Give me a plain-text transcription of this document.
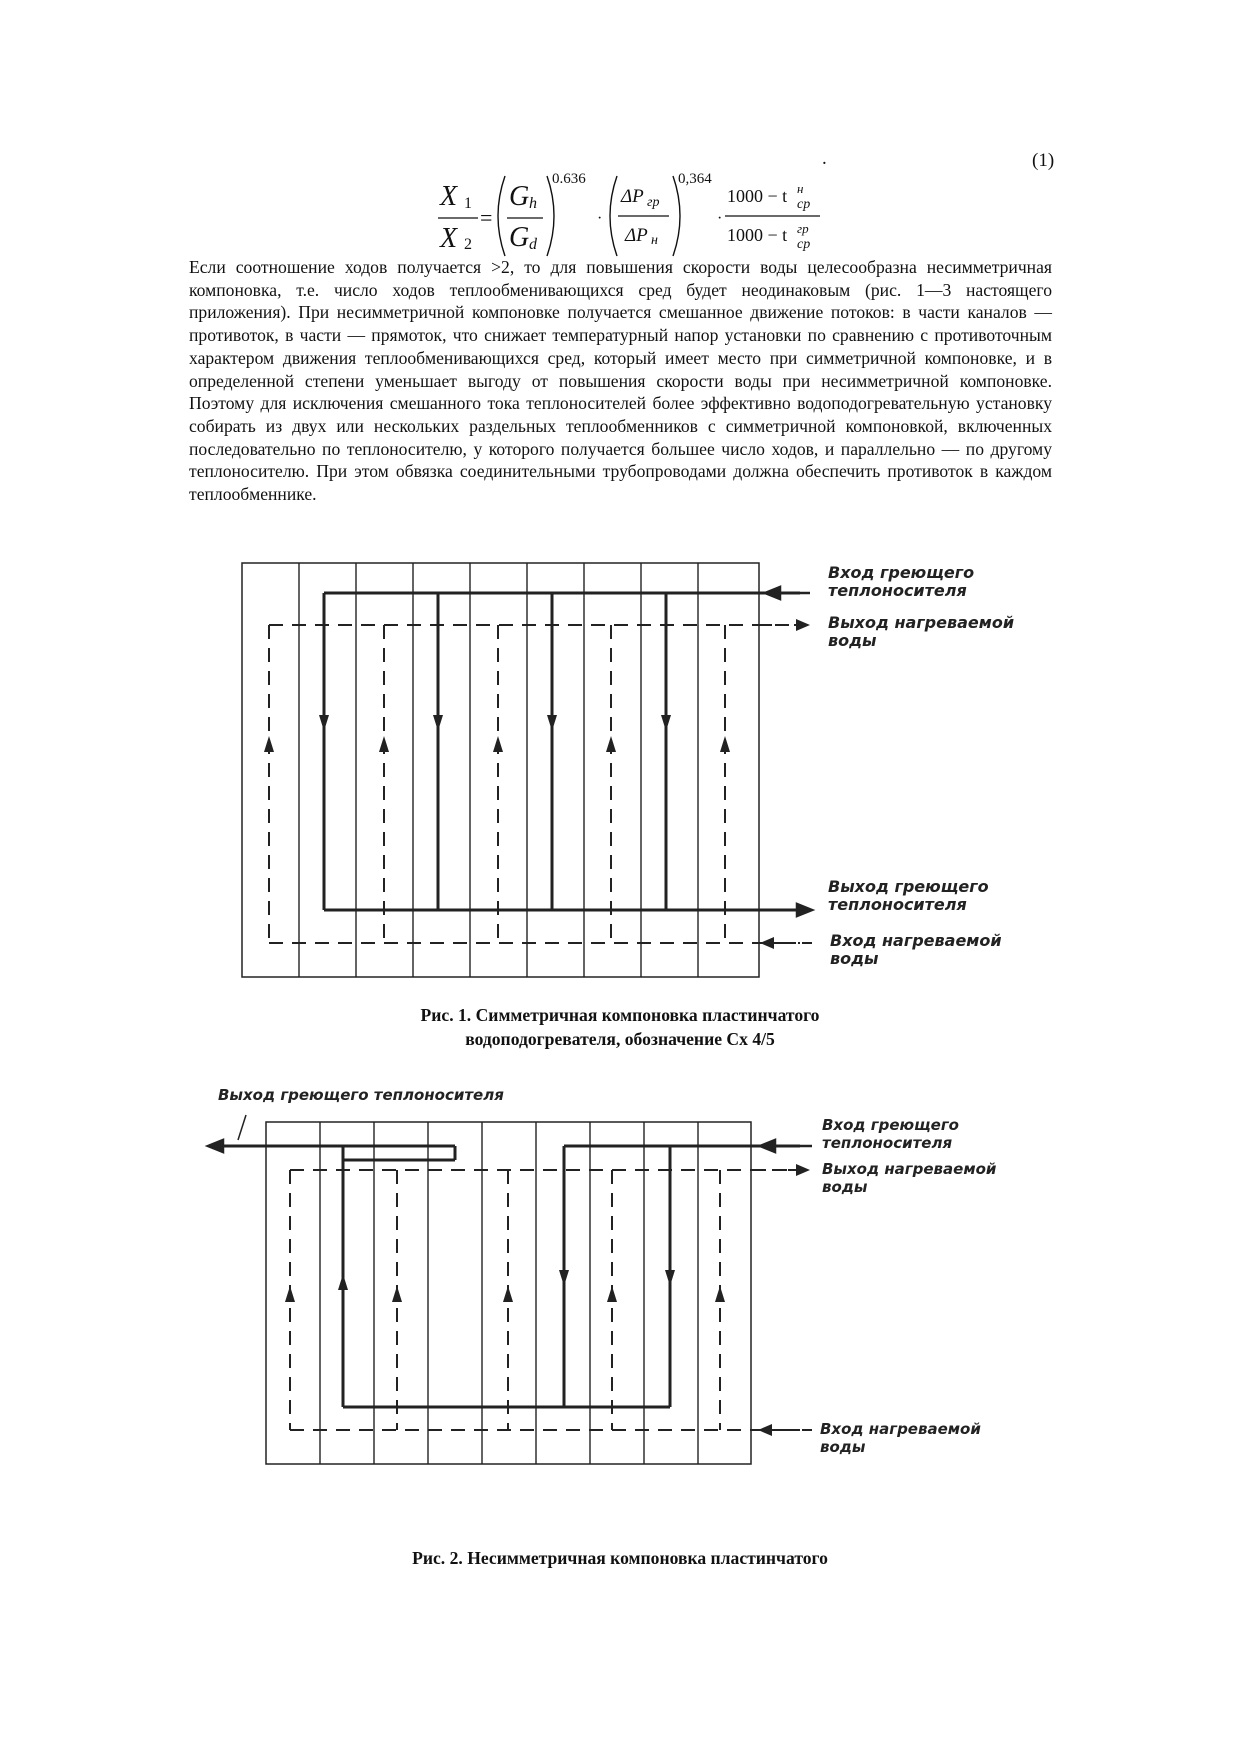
.	(1)
X 1
X 2
=
G h
G d
0.636
·
ΔP гр
ΔP н
0,364
·
1000 − t н
ср
1000 − t гр
ср

Если соотношение ходов получается >2, то для повышения скорости воды целесообразна несимметричная компоновка, т.е. число ходов теплообменивающихся сред будет неодинаковым (рис. 1—3 настоящего приложения). При несимметричной компоновке получается смешанное движение потоков: в части каналов — противоток, в части — прямоток, что снижает температурный напор установки по сравнению с противоточным характером движения теплообменивающихся сред, который имеет место при симметричной компоновке, и в определенной степени уменьшает выгоду от повышения скорости воды при несимметричной компоновке. Поэтому для исключения смешанного тока теплоносителей более эффективно водоподогревательную установку собирать из двух или нескольких раздельных теплообменников с симметричной компоновкой, включенных последовательно по теплоносителю, у которого получается большее число ходов, и параллельно — по другому теплоносителю. При этом обвязка соединительными трубопроводами должна обеспечить противоток в каждом теплообменнике.

Вход греющего
теплоносителя
Выход нагреваемой
воды
Выход греющего
теплоносителя
Вход нагреваемой
воды
Рис. 1. Симметричная компоновка пластинчатого
водоподогревателя, обозначение Сх 4/5
Выход греющего теплоносителя
Вход греющего
теплоносителя
Выход нагреваемой
воды
Вход нагреваемой
воды
Рис. 2. Несимметричная компоновка пластинчатого
